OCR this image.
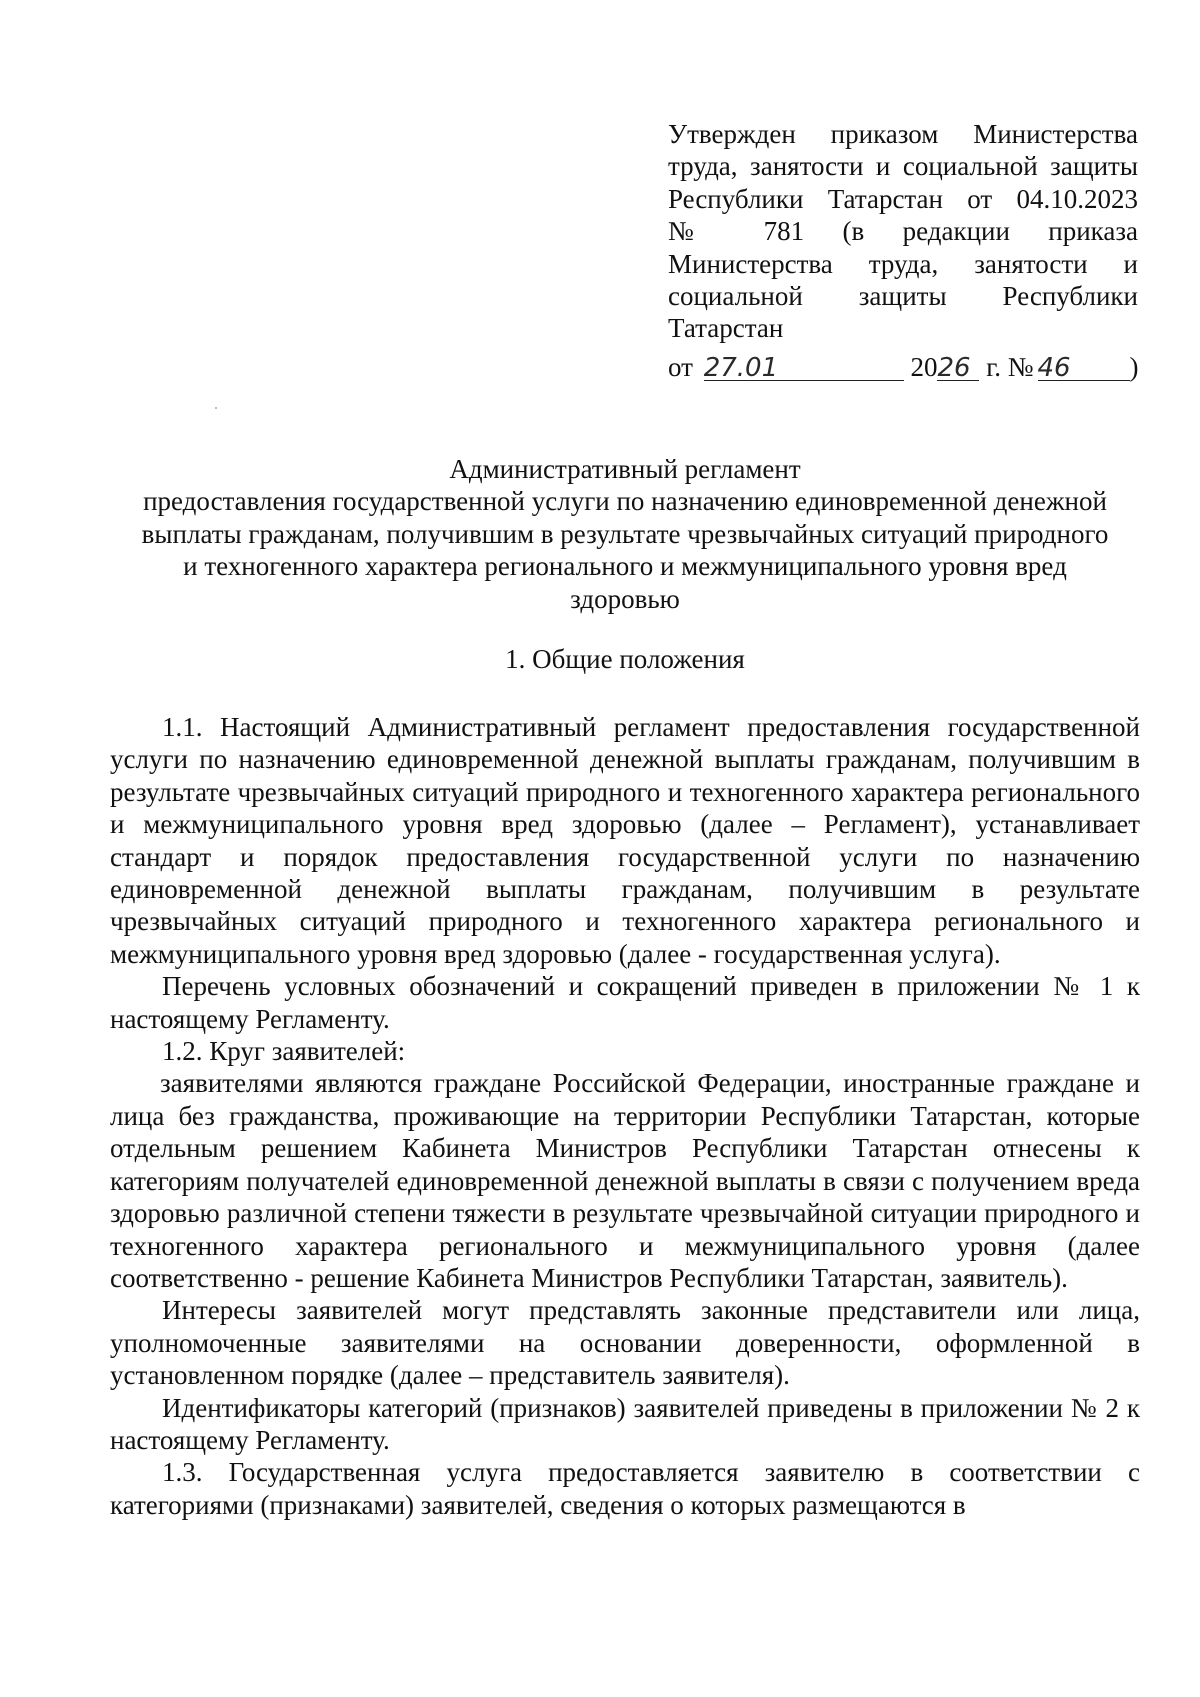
Утвержден приказом Министерства
труда, занятости и социальной защиты
Республики Татарстан от 04.10.2023
№ 781 (в редакции приказа
Министерства труда, занятости и
социальной защиты Республики
Татарстан
от 27.01	2026 г. № 46 )
Административный регламент
предоставления государственной услуги по назначению единовременной денежной
выплаты гражданам, получившим в результате чрезвычайных ситуаций природного
и техногенного характера регионального и межмуниципального уровня вред
здоровью
1. Общие положения

1.1. Настоящий Административный регламент предоставления государственной услуги по назначению единовременной денежной выплаты гражданам, получившим в результате чрезвычайных ситуаций природного и техногенного характера регионального и межмуниципального уровня вред здоровью (далее – Регламент), устанавливает стандарт и порядок предоставления государственной услуги по назначению единовременной денежной выплаты гражданам, получившим в результате чрезвычайных ситуаций природного и техногенного характера регионального и межмуниципального уровня вред здоровью (далее - государственная услуга).

Перечень условных обозначений и сокращений приведен в приложении № 1 к настоящему Регламенту.

1.2. Круг заявителей:

заявителями являются граждане Российской Федерации, иностранные граждане и лица без гражданства, проживающие на территории Республики Татарстан, которые отдельным решением Кабинета Министров Республики Татарстан отнесены к категориям получателей единовременной денежной выплаты в связи с получением вреда здоровью различной степени тяжести в результате чрезвычайной ситуации природного и техногенного характера регионального и межмуниципального уровня (далее соответственно - решение Кабинета Министров Республики Татарстан, заявитель).

Интересы заявителей могут представлять законные представители или лица, уполномоченные заявителями на основании доверенности, оформленной в установленном порядке (далее – представитель заявителя).

Идентификаторы категорий (признаков) заявителей приведены в приложении № 2 к настоящему Регламенту.

1.3. Государственная услуга предоставляется заявителю в соответствии с категориями (признаками) заявителей, сведения о которых размещаются в
